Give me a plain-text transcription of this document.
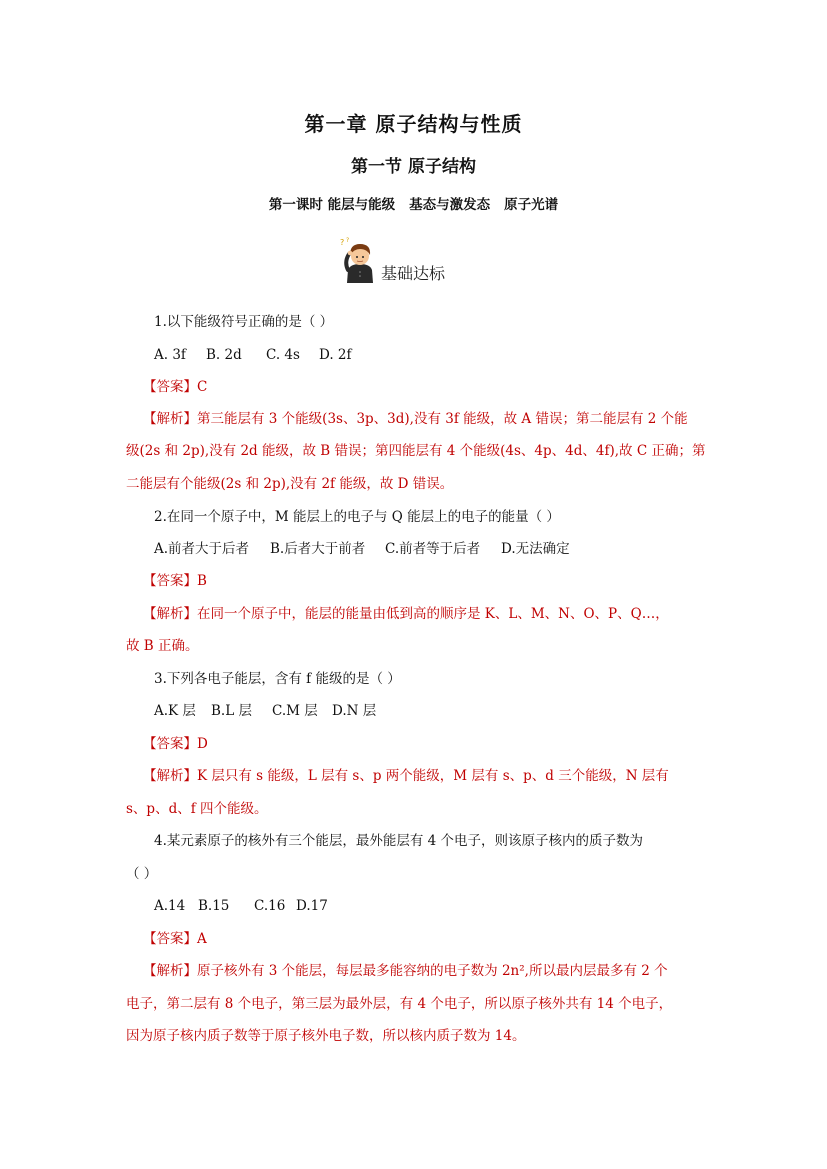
第一章 原子结构与性质
第一节 原子结构
第一课时 能层与能级 基态与激发态 原子光谱
? ?
基础达标
1.以下能级符号正确的是（ ）
A. 3f B. 2d C. 4s D. 2f
【答案】C
【解析】第三能层有 3 个能级(3s、3p、3d),没有 3f 能级，故 A 错误；第二能层有 2 个能
级(2s 和 2p),没有 2d 能级，故 B 错误；第四能层有 4 个能级(4s、4p、4d、4f),故 C 正确；第
二能层有个能级(2s 和 2p),没有 2f 能级，故 D 错误。
2.在同一个原子中，M 能层上的电子与 Q 能层上的电子的能量（ ）
A.前者大于后者 B.后者大于前者 C.前者等于后者 D.无法确定
【答案】B
【解析】在同一个原子中，能层的能量由低到高的顺序是 K、L、M、N、O、P、Q…，
故 B 正确。
3.下列各电子能层，含有 f 能级的是（ ）
A.K 层 B.L 层 C.M 层 D.N 层
【答案】D
【解析】K 层只有 s 能级，L 层有 s、p 两个能级，M 层有 s、p、d 三个能级，N 层有
s、p、d、f 四个能级。
4.某元素原子的核外有三个能层，最外能层有 4 个电子，则该原子核内的质子数为
（ ）
A.14 B.15 C.16 D.17
【答案】A
【解析】原子核外有 3 个能层，每层最多能容纳的电子数为 2n²,所以最内层最多有 2 个
电子，第二层有 8 个电子，第三层为最外层，有 4 个电子，所以原子核外共有 14 个电子，
因为原子核内质子数等于原子核外电子数，所以核内质子数为 14。
